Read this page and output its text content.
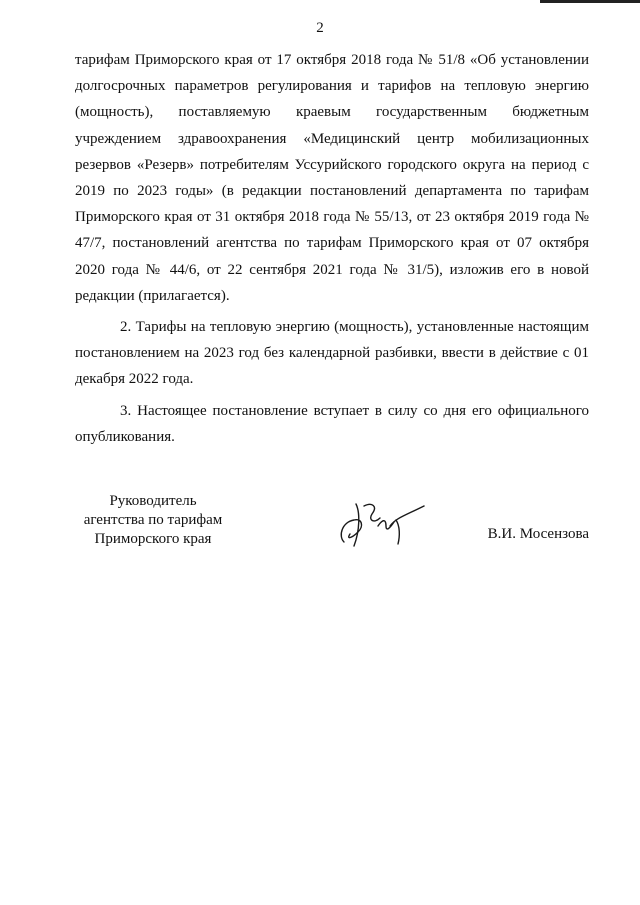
2

тарифам Приморского края от 17 октября 2018 года № 51/8 «Об установлении долгосрочных параметров регулирования и тарифов на тепловую энергию (мощность), поставляемую краевым государственным бюджетным учреждением здравоохранения «Медицинский центр мобилизационных резервов «Резерв» потребителям Уссурийского городского округа на период с 2019 по 2023 годы» (в редакции постановлений департамента по тарифам Приморского края от 31 октября 2018 года № 55/13, от 23 октября 2019 года № 47/7, постановлений агентства по тарифам Приморского края от 07 октября 2020 года № 44/6, от 22 сентября 2021 года № 31/5), изложив его в новой редакции (прилагается).

2. Тарифы на тепловую энергию (мощность), установленные настоящим постановлением на 2023 год без календарной разбивки, ввести в действие с 01 декабря 2022 года.

3. Настоящее постановление вступает в силу со дня его официального опубликования.

Руководитель
агентства по тарифам
Приморского края	В.И. Мосензова
